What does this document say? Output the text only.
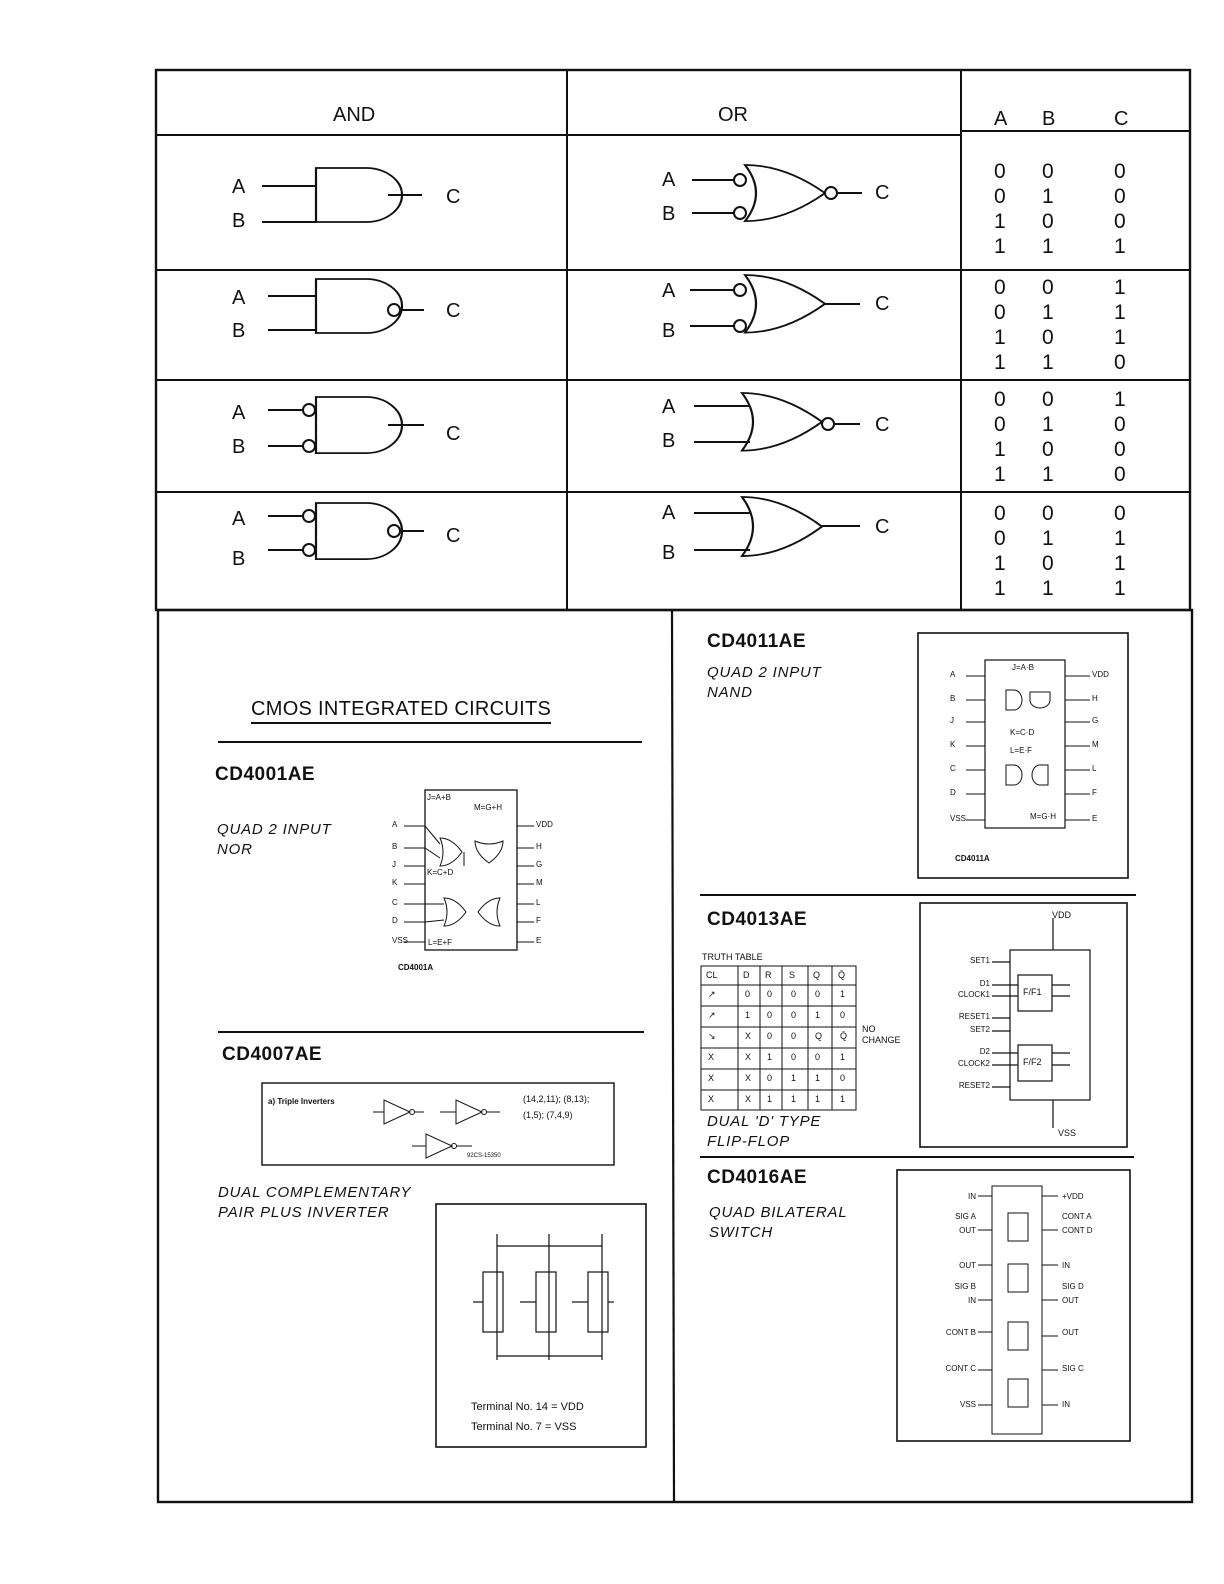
AND	OR	A B	C
A
B
C
A
B
C
A
B
C
A
B
C
A
B
C
A
B
C
A
B
C
A
B
C
0 0	0
0 1	0
1 0	0
1 1	1
0 0	1
0 1	1
1 0	1
1 1	0
0 0	1
0 1	0
1 0	0
1 1	0
0 0	0
0 1	1
1 0	1
1 1	1
CMOS INTEGRATED CIRCUITS
CD4001AE
QUAD 2 INPUT
NOR
CD4001A
J=A+B
M=G+H
K=C+D
L=E+F
A
B
J
K
C
D
VSS
VDD
H
G
M
L
F
E
CD4007AE
a) Triple Inverters	(14,2,11); (8,13);
(1,5); (7,4,9)
92CS-15350
DUAL COMPLEMENTARY
PAIR PLUS INVERTER
Terminal No. 14 = VDD
Terminal No. 7 = VSS
CD4011AE
QUAD 2 INPUT
NAND
CD4011A
J=A·B
K=C·D
L=E·F
M=G·H
A
B
J
K
C
D
VSS
VDD
H
G
M
L
F
E
CD4013AE
TRUTH TABLE
CL	D R S Q Q̄
↗	0 0 0 0 1
↗	1 0 0 1 0
↘	X 0 0 Q Q̄
X	X 1 0 0 1
X	X 0 1 1 0
X	X 1 1 1 1
NO
CHANGE
DUAL 'D' TYPE
FLIP-FLOP
VDD
VSS
F/F1
F/F2
SET1
D1
CLOCK1
RESET1
SET2
D2
CLOCK2
RESET2
CD4016AE
QUAD BILATERAL
SWITCH
IN
SIG A
OUT
OUT
SIG B
IN
CONT B
CONT C
VSS
+VDD
CONT A
CONT D
IN
SIG D
OUT
OUT
SIG C
IN
